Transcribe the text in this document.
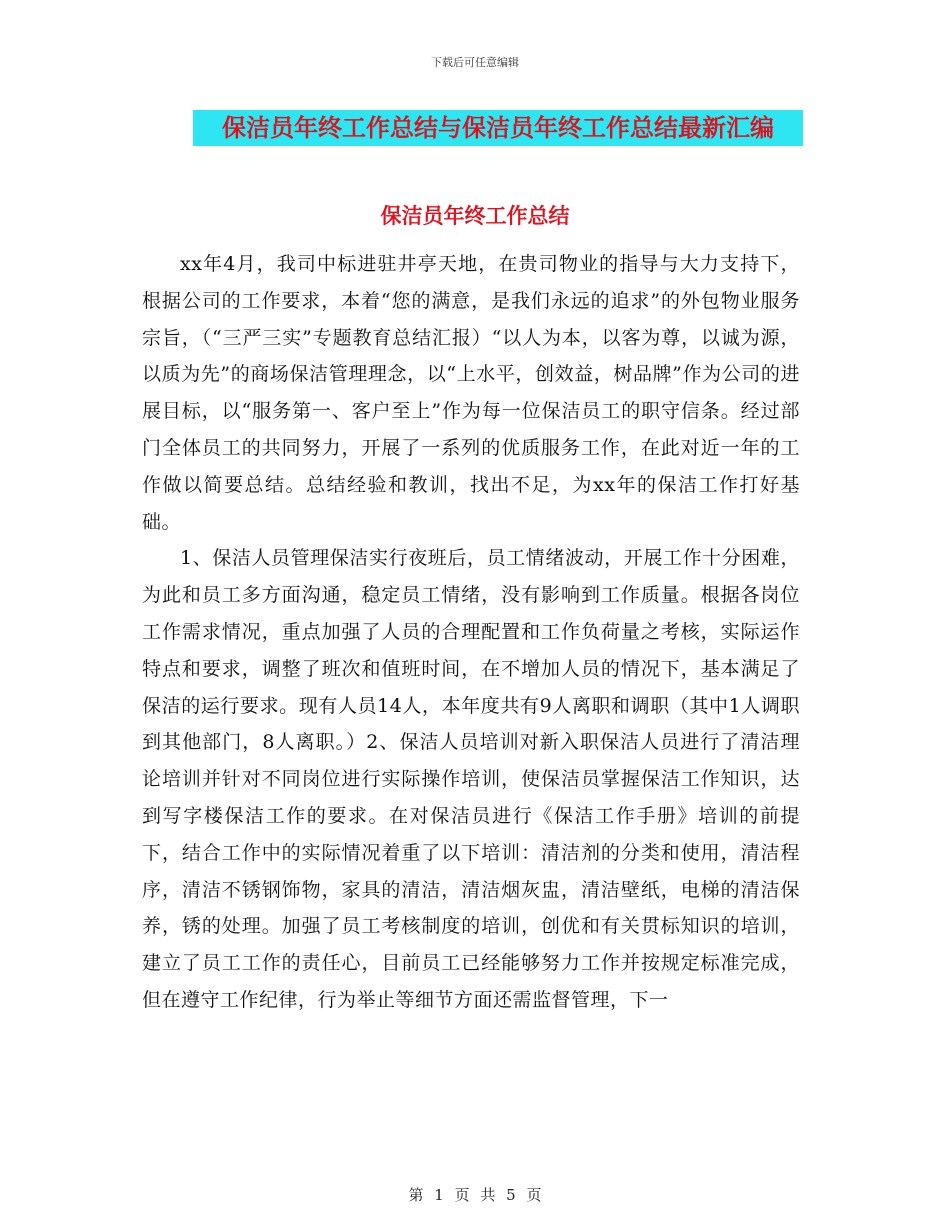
下载后可任意编辑
保洁员年终工作总结与保洁员年终工作总结最新汇编
保洁员年终工作总结

xx年4月，我司中标进驻井亭天地，在贵司物业的指导与大力支持下，根据公司的工作要求，本着“您的满意，是我们永远的追求”的外包物业服务宗旨，（“三严三实”专题教育总结汇报）“以人为本，以客为尊，以诚为源，以质为先”的商场保洁管理理念，以“上水平，创效益，树品牌”作为公司的进展目标，以“服务第一、客户至上”作为每一位保洁员工的职守信条。经过部门全体员工的共同努力，开展了一系列的优质服务工作，在此对近一年的工作做以简要总结。总结经验和教训，找出不足，为xx年的保洁工作打好基础。

1、保洁人员管理保洁实行夜班后，员工情绪波动，开展工作十分困难，为此和员工多方面沟通，稳定员工情绪，没有影响到工作质量。根据各岗位工作需求情况，重点加强了人员的合理配置和工作负荷量之考核，实际运作特点和要求，调整了班次和值班时间，在不增加人员的情况下，基本满足了保洁的运行要求。现有人员14人，本年度共有9人离职和调职（其中1人调职到其他部门，8人离职。）2、保洁人员培训对新入职保洁人员进行了清洁理论培训并针对不同岗位进行实际操作培训，使保洁员掌握保洁工作知识，达到写字楼保洁工作的要求。在对保洁员进行《保洁工作手册》培训的前提下，结合工作中的实际情况着重了以下培训：清洁剂的分类和使用，清洁程序，清洁不锈钢饰物，家具的清洁，清洁烟灰盅，清洁壁纸，电梯的清洁保养，锈的处理。加强了员工考核制度的培训，创优和有关贯标知识的培训，建立了员工工作的责任心，目前员工已经能够努力工作并按规定标准完成，但在遵守工作纪律，行为举止等细节方面还需监督管理，下一

第 1 页 共 5 页
